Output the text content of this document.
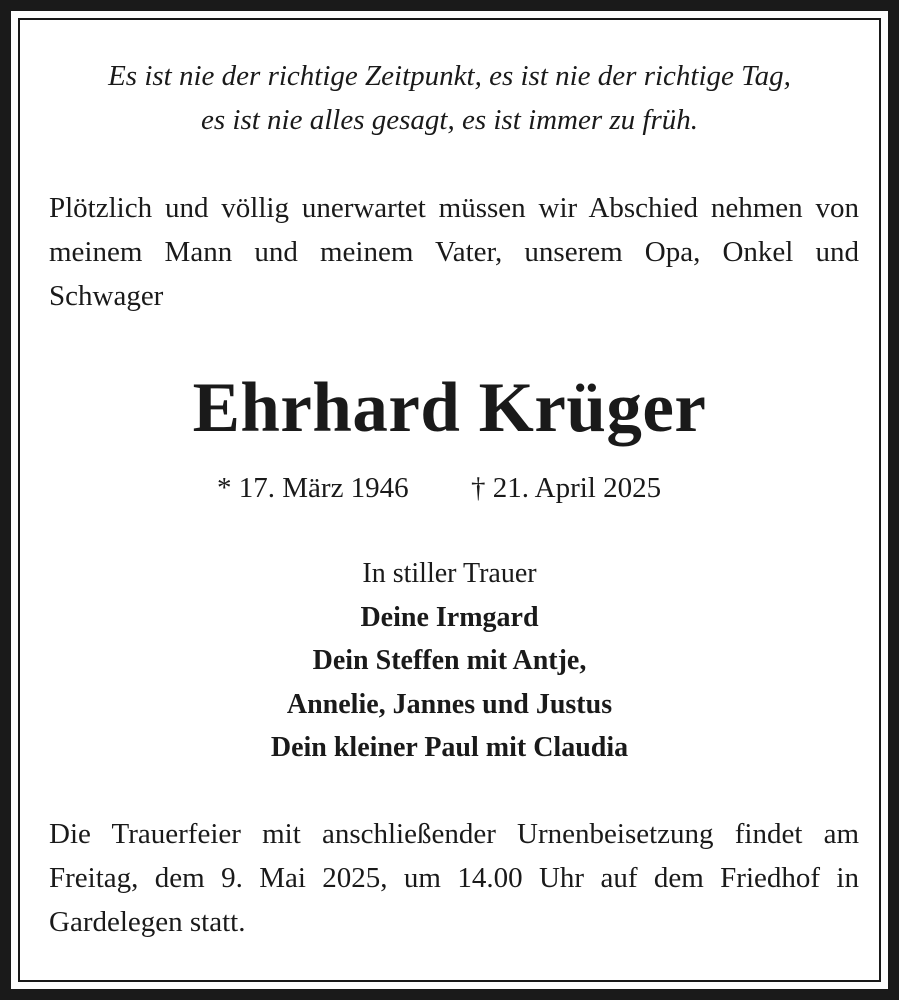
Es ist nie der richtige Zeitpunkt, es ist nie der richtige Tag,
es ist nie alles gesagt, es ist immer zu früh.
Plötzlich und völlig unerwartet müssen wir Abschied nehmen von meinem Mann und meinem Vater, unserem Opa, Onkel und Schwager
Ehrhard Krüger
* 17. März 1946 † 21. April 2025
In stiller Trauer
Deine Irmgard
Dein Steffen mit Antje,
Annelie, Jannes und Justus
Dein kleiner Paul mit Claudia
Die Trauerfeier mit anschließender Urnenbeisetzung findet am
Freitag, dem 9. Mai 2025, um 14.00 Uhr auf dem Friedhof in
Gardelegen statt.
